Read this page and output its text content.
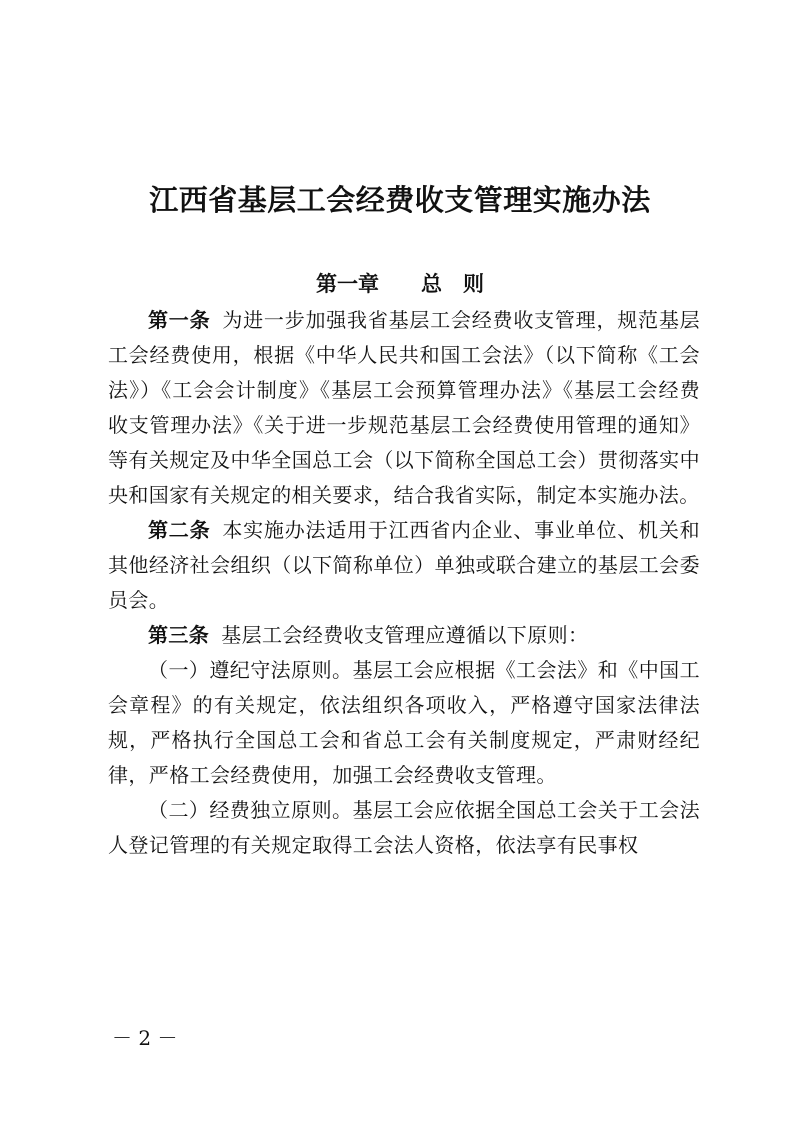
江西省基层工会经费收支管理实施办法
第一章　　总　则

第一条 为进一步加强我省基层工会经费收支管理，规范基层工会经费使用，根据《中华人民共和国工会法》（以下简称《工会法》）《工会会计制度》《基层工会预算管理办法》《基层工会经费收支管理办法》《关于进一步规范基层工会经费使用管理的通知》等有关规定及中华全国总工会（以下简称全国总工会）贯彻落实中央和国家有关规定的相关要求，结合我省实际，制定本实施办法。

第二条 本实施办法适用于江西省内企业、事业单位、机关和其他经济社会组织（以下简称单位）单独或联合建立的基层工会委员会。

第三条 基层工会经费收支管理应遵循以下原则：

（一）遵纪守法原则。基层工会应根据《工会法》和《中国工会章程》的有关规定，依法组织各项收入，严格遵守国家法律法规，严格执行全国总工会和省总工会有关制度规定，严肃财经纪律，严格工会经费使用，加强工会经费收支管理。

（二）经费独立原则。基层工会应依据全国总工会关于工会法人登记管理的有关规定取得工会法人资格，依法享有民事权

－ 2 －
